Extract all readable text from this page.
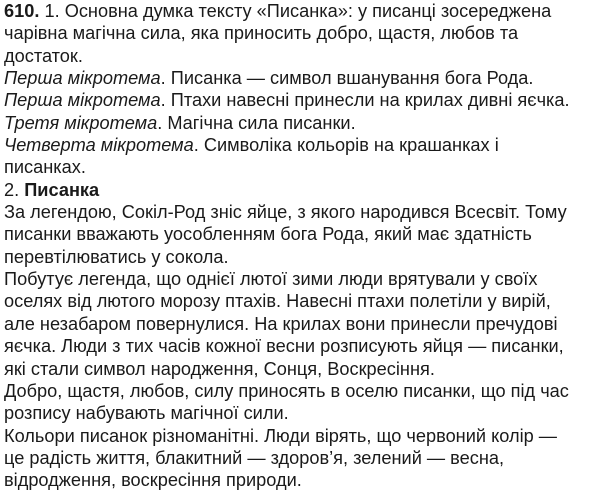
610. 1. Основна думка тексту «Писанка»: у писанці зосереджена
чарівна магічна сила, яка приносить добро, щастя, любов та
достаток.
Перша мікротема. Писанка — символ вшанування бога Рода.
Перша мікротема. Птахи навесні принесли на крилах дивні яєчка.
Третя мікротема. Магічна сила писанки.
Четверта мікротема. Символіка кольорів на крашанках і
писанках.
2. Писанка
За легендою, Сокіл-Род зніс яйце, з якого народився Всесвіт. Тому
писанки вважають уособленням бога Рода, який має здатність
перевтілюватись у сокола.
Побутує легенда, що однієї лютої зими люди врятували у своїх
оселях від лютого морозу птахів. Навесні птахи полетіли у вирій,
але незабаром повернулися. На крилах вони принесли пречудові
яєчка. Люди з тих часів кожної весни розписують яйця — писанки,
які стали символ народження, Сонця, Воскресіння.
Добро, щастя, любов, силу приносять в оселю писанки, що під час
розпису набувають магічної сили.
Кольори писанок різноманітні. Люди вірять, що червоний колір —
це радість життя, блакитний — здоров’я, зелений — весна,
відродження, воскресіння природи.
